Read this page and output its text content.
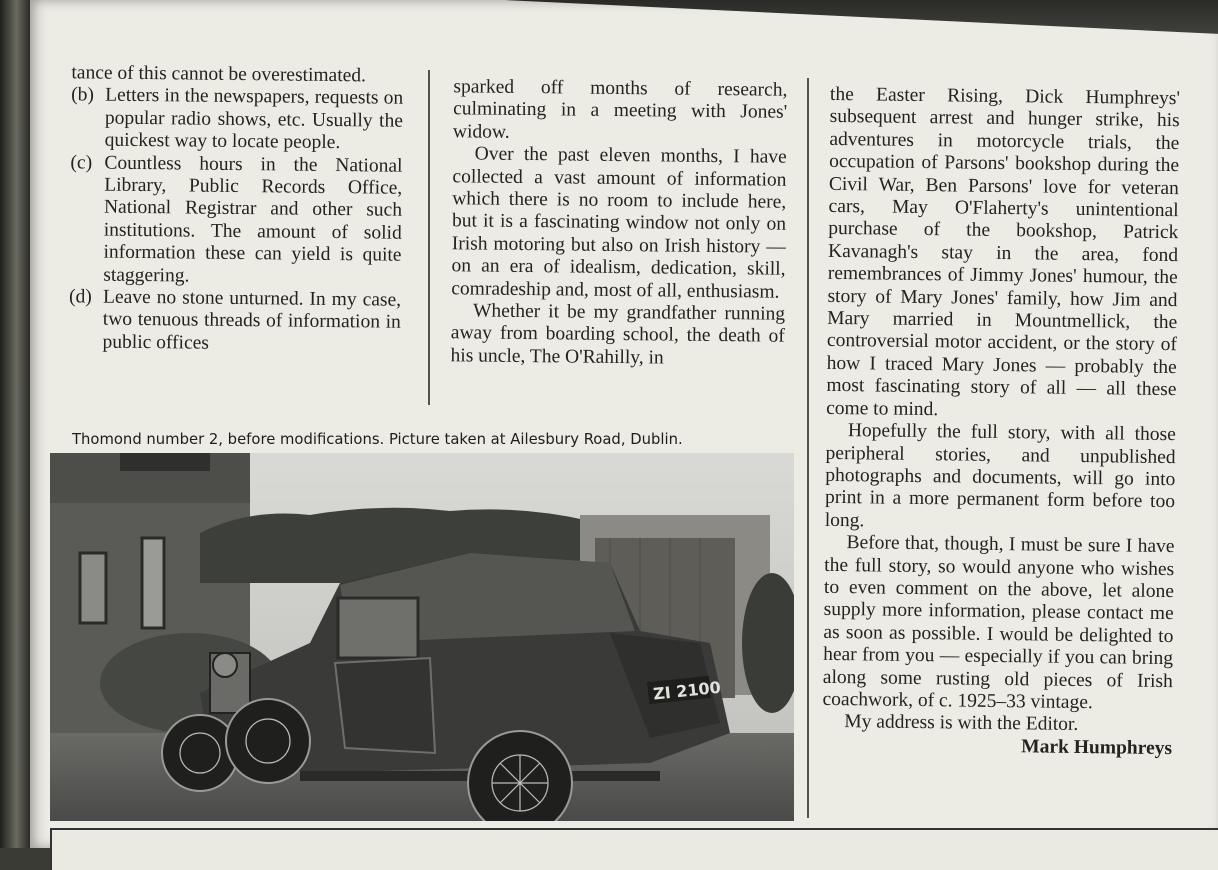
tance of this cannot be overestimated.

(b) Letters in the newspapers, requests on popular radio shows, etc. Usually the quickest way to locate people.
(c) Countless hours in the National Library, Public Records Office, National Registrar and other such institutions. The amount of solid information these can yield is quite staggering.
(d) Leave no stone unturned. In my case, two tenuous threads of information in public offices

sparked off months of research, culminating in a meeting with Jones' widow.

Over the past eleven months, I have collected a vast amount of information which there is no room to include here, but it is a fascinating window not only on Irish motoring but also on Irish history — on an era of idealism, dedication, skill, comradeship and, most of all, enthusiasm.

Whether it be my grandfather running away from boarding school, the death of his uncle, The O'Rahilly, in

the Easter Rising, Dick Humphreys' subsequent arrest and hunger strike, his adventures in motorcycle trials, the occupation of Parsons' bookshop during the Civil War, Ben Parsons' love for veteran cars, May O'Flaherty's unintentional purchase of the bookshop, Patrick Kavanagh's stay in the area, fond remembrances of Jimmy Jones' humour, the story of Mary Jones' family, how Jim and Mary married in Mountmellick, the controversial motor accident, or the story of how I traced Mary Jones — probably the most fascinating story of all — all these come to mind.

Hopefully the full story, with all those peripheral stories, and unpublished photographs and documents, will go into print in a more permanent form before too long.

Before that, though, I must be sure I have the full story, so would anyone who wishes to even comment on the above, let alone supply more information, please contact me as soon as possible. I would be delighted to hear from you — especially if you can bring along some rusting old pieces of Irish coachwork, of c. 1925–33 vintage.

My address is with the Editor.

Mark Humphreys

Thomond number 2, before modifications. Picture taken at Ailesbury Road, Dublin.
ZI 2100
